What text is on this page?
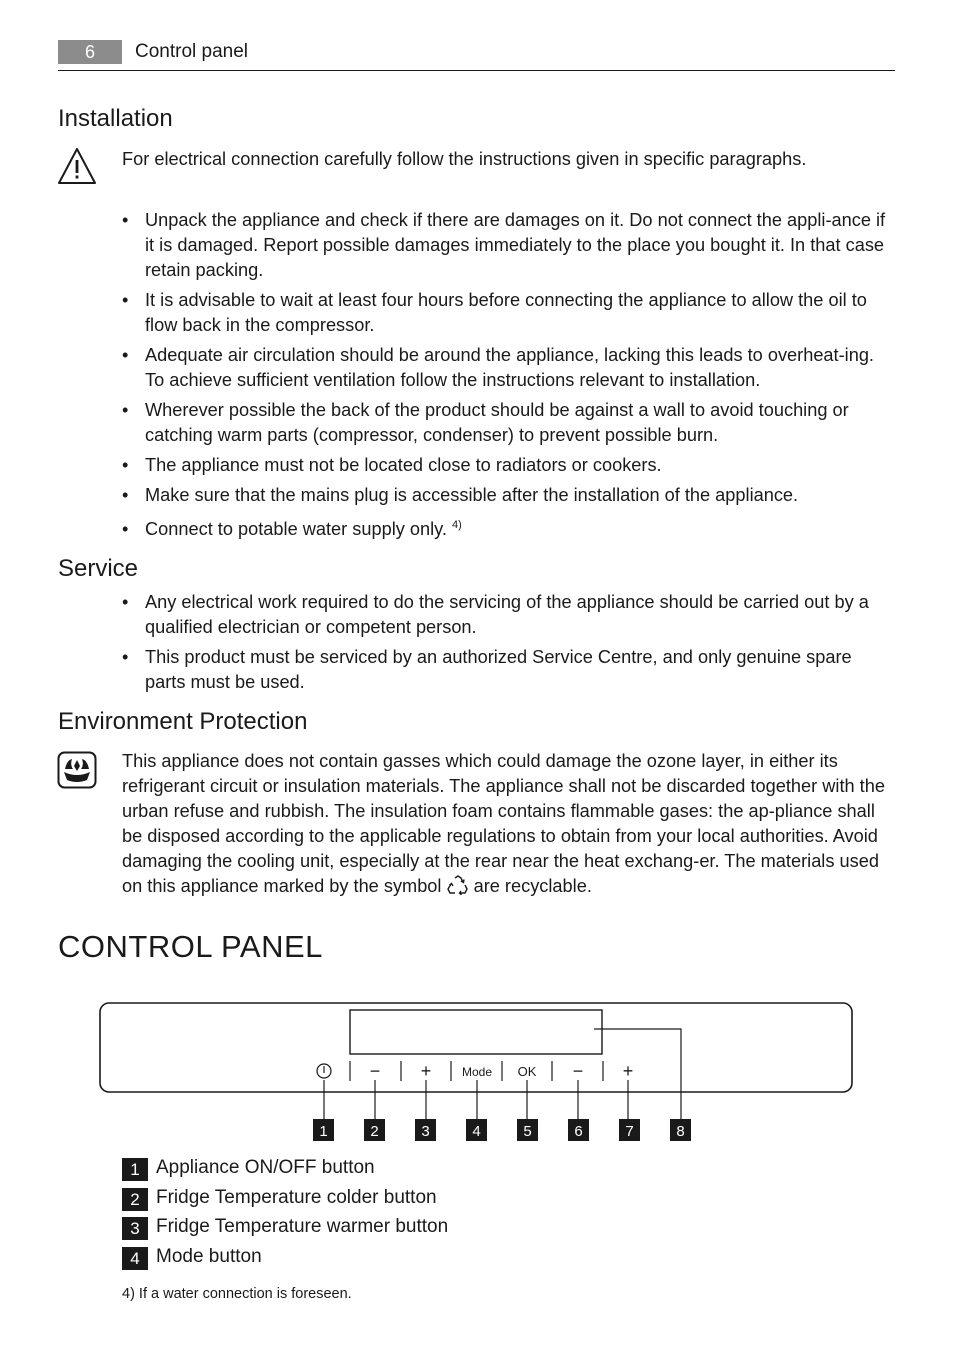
6	Control panel
Installation
For electrical connection carefully follow the instructions given in specific paragraphs.
• Unpack the appliance and check if there are damages on it. Do not connect the appli-ance if it is damaged. Report possible damages immediately to the place you bought it. In that case retain packing.
• It is advisable to wait at least four hours before connecting the appliance to allow the oil to flow back in the compressor.
• Adequate air circulation should be around the appliance, lacking this leads to overheat-ing. To achieve sufficient ventilation follow the instructions relevant to installation.
• Wherever possible the back of the product should be against a wall to avoid touching or catching warm parts (compressor, condenser) to prevent possible burn.
• The appliance must not be located close to radiators or cookers.
• Make sure that the mains plug is accessible after the installation of the appliance.
• Connect to potable water supply only. $^{4)}$
Service
• Any electrical work required to do the servicing of the appliance should be carried out by a qualified electrician or competent person.
• This product must be serviced by an authorized Service Centre, and only genuine spare parts must be used.
Environment Protection
This appliance does not contain gasses which could damage the ozone layer, in either its refrigerant circuit or insulation materials. The appliance shall not be discarded together with the urban refuse and rubbish. The insulation foam contains flammable gases: the ap-pliance shall be disposed according to the applicable regulations to obtain from your local authorities. Avoid damaging the cooling unit, especially at the rear near the heat exchang-er. The materials used on this appliance marked by the symbol are recyclable.
CONTROL PANEL
− +	Mode OK − +
1	2	3	4	5	6	7	8
1 Appliance ON/OFF button
2 Fridge Temperature colder button
3 Fridge Temperature warmer button
4 Mode button
4) If a water connection is foreseen.
